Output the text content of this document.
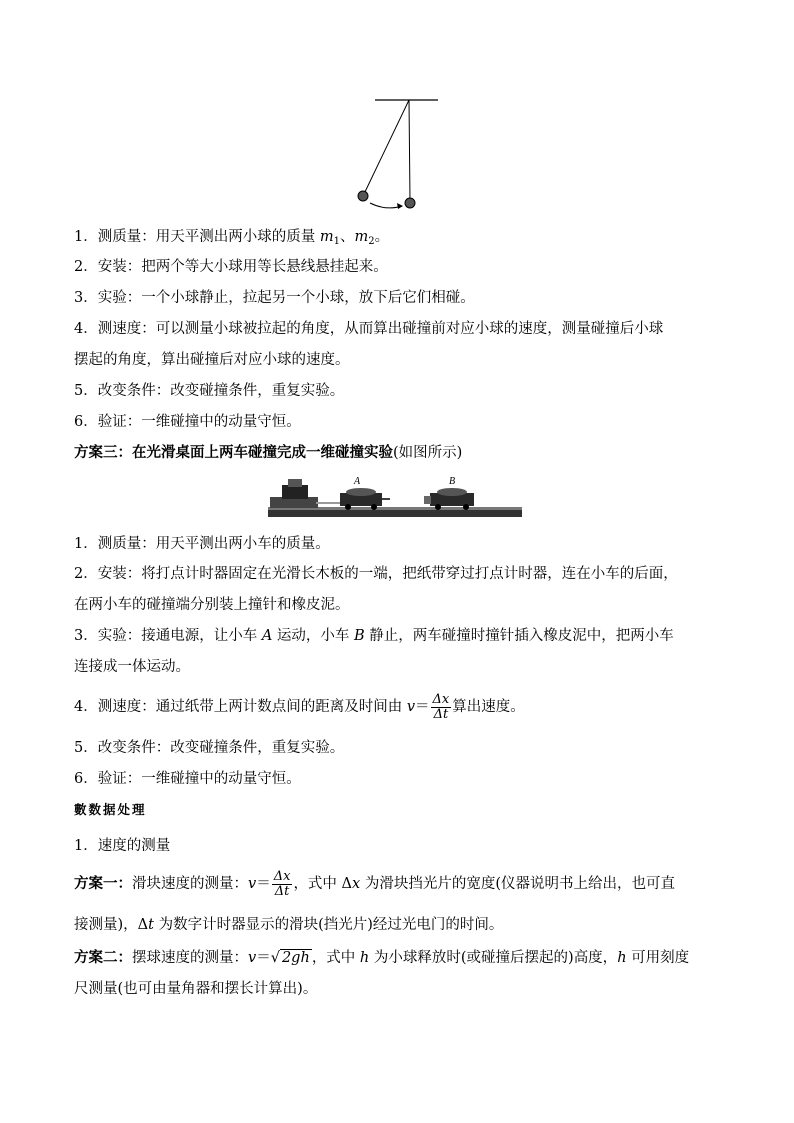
1．测质量：用天平测出两小球的质量 $m_1$、$m_2$。
2．安装：把两个等大小球用等长悬线悬挂起来。
3．实验：一个小球静止，拉起另一个小球，放下后它们相碰。
4．测速度：可以测量小球被拉起的角度，从而算出碰撞前对应小球的速度，测量碰撞后小球
摆起的角度，算出碰撞后对应小球的速度。
5．改变条件：改变碰撞条件，重复实验。
6．验证：一维碰撞中的动量守恒。
方案三：在光滑桌面上两车碰撞完成一维碰撞实验(如图所示)
A	B
1．测质量：用天平测出两小车的质量。
2．安装：将打点计时器固定在光滑长木板的一端，把纸带穿过打点计时器，连在小车的后面，
在两小车的碰撞端分别装上撞针和橡皮泥。
3．实验：接通电源，让小车 A 运动，小车 B 静止，两车碰撞时撞针插入橡皮泥中，把两小车
连接成一体运动。
4．测速度：通过纸带上两计数点间的距离及时间由 $v= \frac{\Delta x}{\Delta t}$ 算出速度。
5．改变条件：改变碰撞条件，重复实验。
6．验证：一维碰撞中的动量守恒。
數数据处理
1．速度的测量
方案一：滑块速度的测量：$v= \frac{\Delta x}{\Delta t}$ ，式中 Δx 为滑块挡光片的宽度(仪器说明书上给出，也可直
接测量)，Δt 为数字计时器显示的滑块(挡光片)经过光电门的时间。
方案二：摆球速度的测量：v＝√ 2gh ，式中 h 为小球释放时(或碰撞后摆起的)高度，h 可用刻度
尺测量(也可由量角器和摆长计算出)。
